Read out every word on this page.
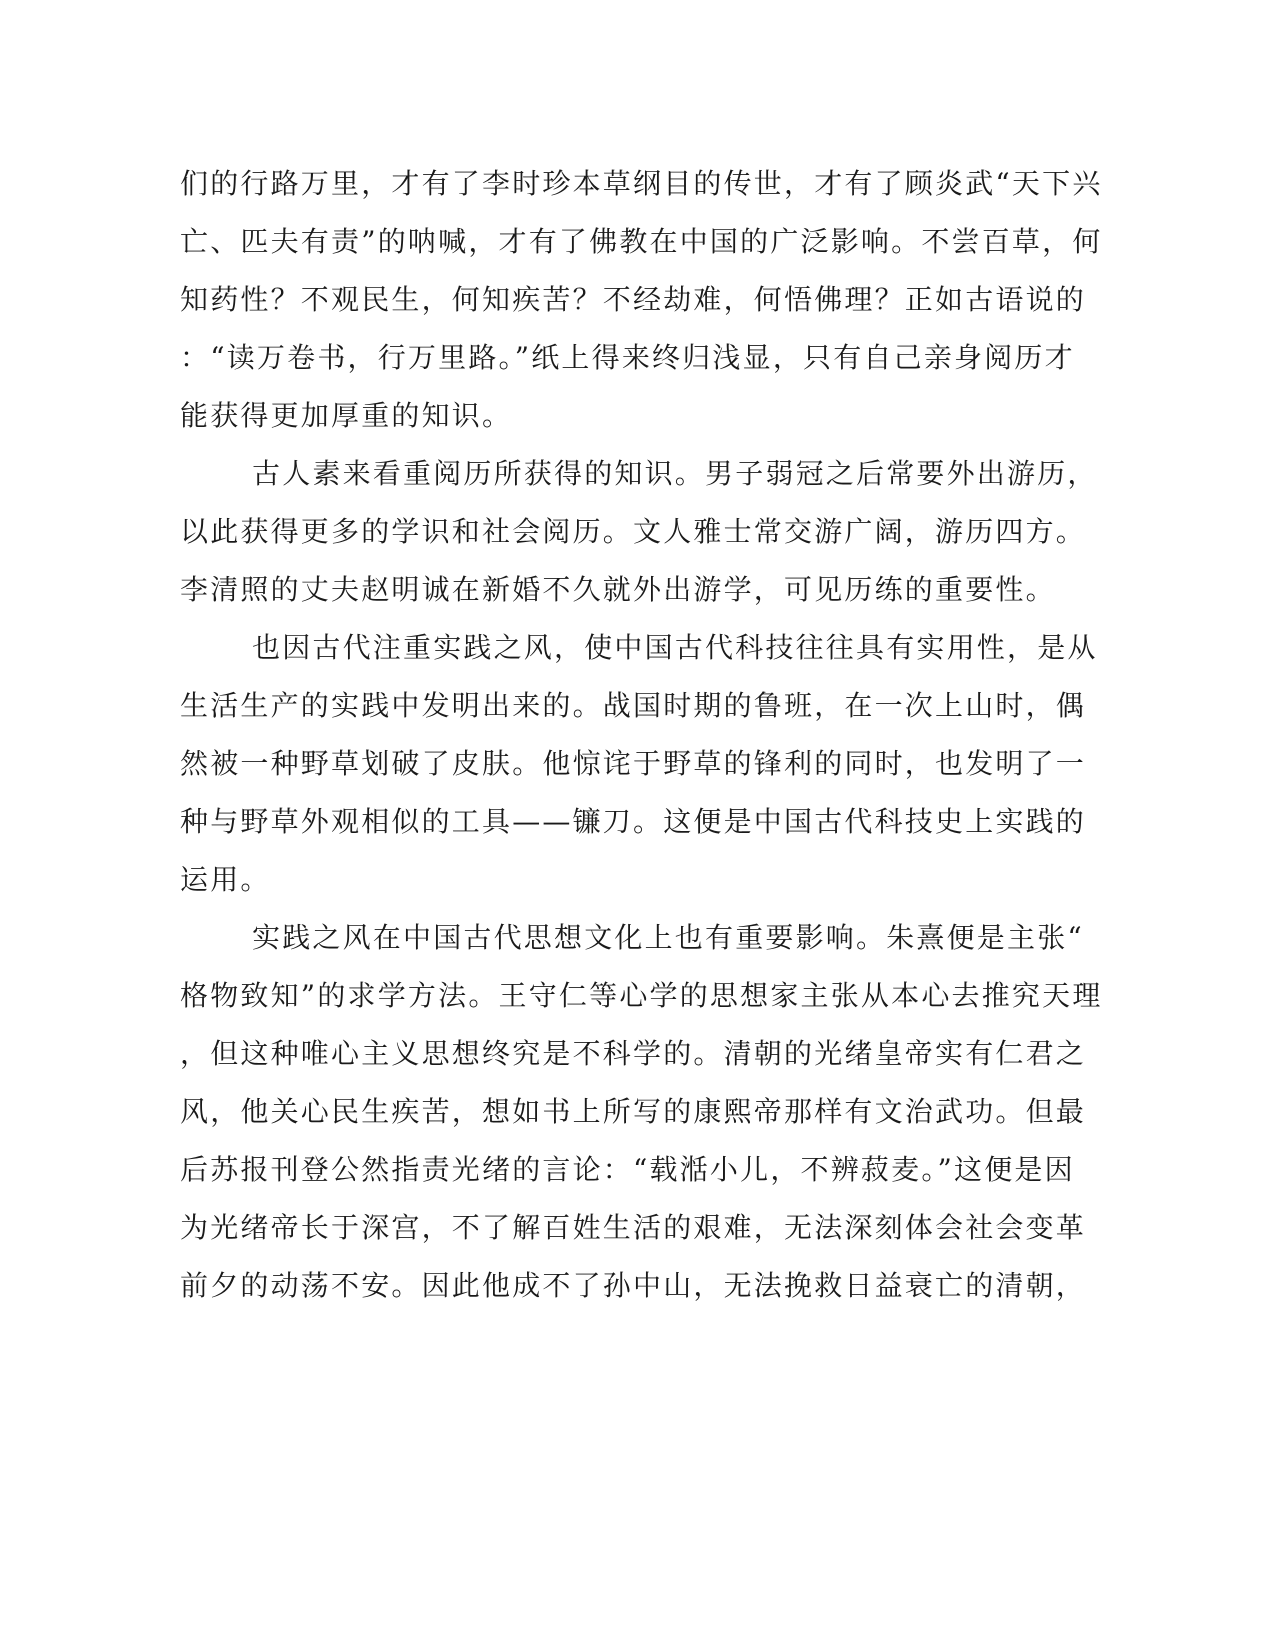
们的行路万里，才有了李时珍本草纲目的传世，才有了顾炎武“天下兴
亡、匹夫有责”的呐喊，才有了佛教在中国的广泛影响。不尝百草，何
知药性？不观民生，何知疾苦？不经劫难，何悟佛理？正如古语说的
：“读万卷书，行万里路。”纸上得来终归浅显，只有自己亲身阅历才
能获得更加厚重的知识。
古人素来看重阅历所获得的知识。男子弱冠之后常要外出游历，
以此获得更多的学识和社会阅历。文人雅士常交游广阔，游历四方。
李清照的丈夫赵明诚在新婚不久就外出游学，可见历练的重要性。
也因古代注重实践之风，使中国古代科技往往具有实用性，是从
生活生产的实践中发明出来的。战国时期的鲁班，在一次上山时，偶
然被一种野草划破了皮肤。他惊诧于野草的锋利的同时，也发明了一
种与野草外观相似的工具——镰刀。这便是中国古代科技史上实践的
运用。
实践之风在中国古代思想文化上也有重要影响。朱熹便是主张“
格物致知”的求学方法。王守仁等心学的思想家主张从本心去推究天理
，但这种唯心主义思想终究是不科学的。清朝的光绪皇帝实有仁君之
风，他关心民生疾苦，想如书上所写的康熙帝那样有文治武功。但最
后苏报刊登公然指责光绪的言论：“载湉小儿，不辨菽麦。”这便是因
为光绪帝长于深宫，不了解百姓生活的艰难，无法深刻体会社会变革
前夕的动荡不安。因此他成不了孙中山，无法挽救日益衰亡的清朝，
